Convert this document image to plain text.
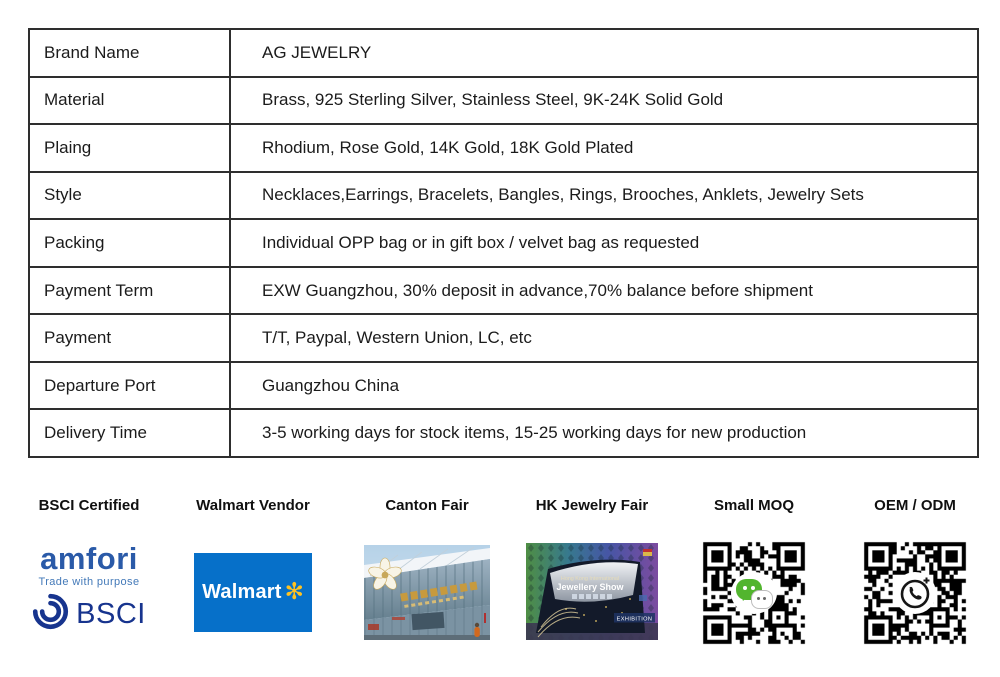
Brand Name	AG JEWELRY
Material	Brass, 925 Sterling Silver, Stainless Steel, 9K-24K Solid Gold
Plaing	Rhodium, Rose Gold, 14K Gold, 18K Gold Plated
Style	Necklaces,Earrings, Bracelets, Bangles, Rings, Brooches, Anklets, Jewelry Sets
Packing	Individual OPP bag or in gift box / velvet bag as requested
Payment Term	EXW Guangzhou, 30% deposit in advance,70% balance before shipment
Payment	T/T, Paypal, Western Union, LC, etc
Departure Port	Guangzhou China
Delivery Time	3-5 working days for stock items, 15-25 working days for new production
BSCI Certified
amfori
Trade with purpose
BSCI
Walmart Vendor
Walmart ✻
Canton Fair	HK Jewelry Fair
Hong Kong International
Jewellery Show
EXHIBITION
Small MOQ	OEM / ODM
